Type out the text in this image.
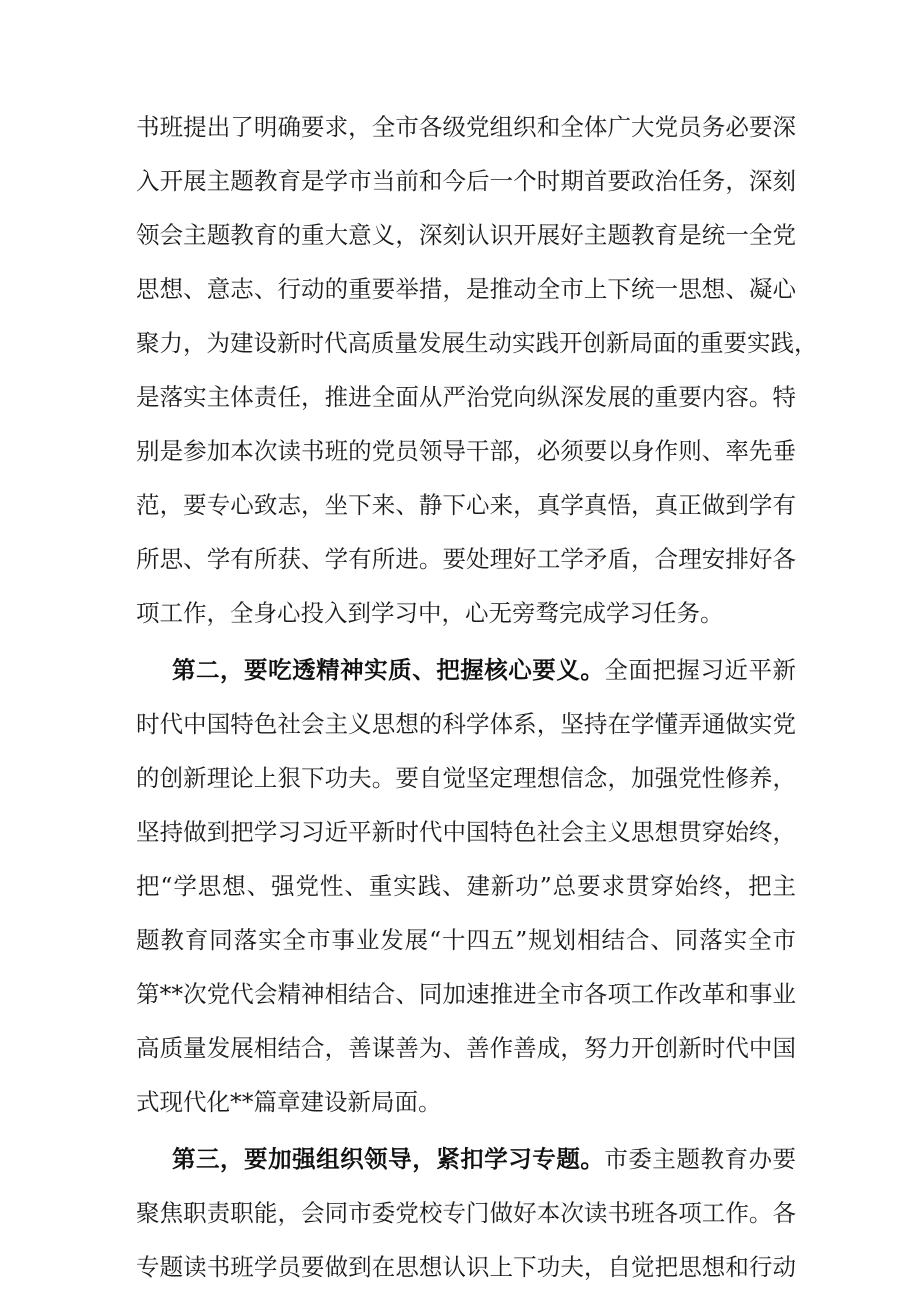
书班提出了明确要求，全市各级党组织和全体广大党员务必要深
入开展主题教育是学市当前和今后一个时期首要政治任务，深刻
领会主题教育的重大意义，深刻认识开展好主题教育是统一全党
思想、意志、行动的重要举措，是推动全市上下统一思想、凝心
聚力，为建设新时代高质量发展生动实践开创新局面的重要实践，
是落实主体责任，推进全面从严治党向纵深发展的重要内容。特
别是参加本次读书班的党员领导干部，必须要以身作则、率先垂
范，要专心致志，坐下来、静下心来，真学真悟，真正做到学有
所思、学有所获、学有所进。要处理好工学矛盾，合理安排好各
项工作，全身心投入到学习中，心无旁骛完成学习任务。
第二，要吃透精神实质、把握核心要义。全面把握习近平新
时代中国特色社会主义思想的科学体系，坚持在学懂弄通做实党
的创新理论上狠下功夫。要自觉坚定理想信念，加强党性修养，
坚持做到把学习习近平新时代中国特色社会主义思想贯穿始终，
把“学思想、强党性、重实践、建新功”总要求贯穿始终，把主
题教育同落实全市事业发展“十四五”规划相结合、同落实全市
第**次党代会精神相结合、同加速推进全市各项工作改革和事业
高质量发展相结合，善谋善为、善作善成，努力开创新时代中国
式现代化**篇章建设新局面。
第三，要加强组织领导，紧扣学习专题。市委主题教育办要
聚焦职责职能，会同市委党校专门做好本次读书班各项工作。各
专题读书班学员要做到在思想认识上下功夫，自觉把思想和行动
